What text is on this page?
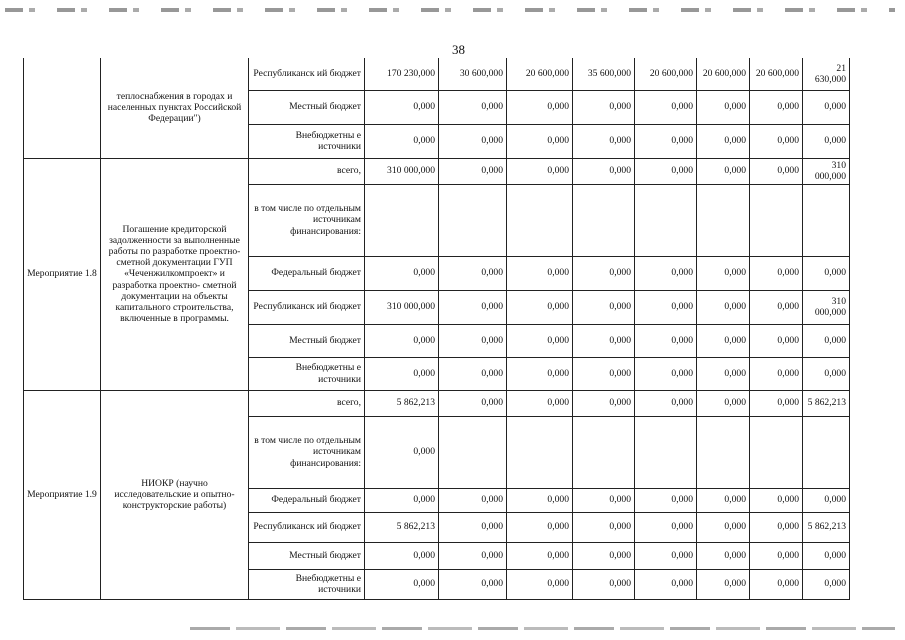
38
	теплоснабжения в городах и населенных пунктах Российской Федерации")	Республиканск ий бюджет	170 230,000	30 600,000	20 600,000	35 600,000	20 600,000	20 600,000	20 600,000	21 630,000
		Местный бюджет	0,000	0,000	0,000	0,000	0,000	0,000	0,000	0,000
		Внебюджетны е источники	0,000	0,000	0,000	0,000	0,000	0,000	0,000	0,000
Мероприятие 1.8	Погашение кредиторской задолженности за выполненные работы по разработке проектно- сметной документации ГУП «Чеченжилкомпроект» и разработка проектно- сметной документации на объекты капитального строительства, включенные в программы.	всего,	310 000,000	0,000	0,000	0,000	0,000	0,000	0,000	310 000,000
		в том числе по отдельным источникам финансирования:								
		Федеральный бюджет	0,000	0,000	0,000	0,000	0,000	0,000	0,000	0,000
		Республиканск ий бюджет	310 000,000	0,000	0,000	0,000	0,000	0,000	0,000	310 000,000
		Местный бюджет	0,000	0,000	0,000	0,000	0,000	0,000	0,000	0,000
		Внебюджетны е источники	0,000	0,000	0,000	0,000	0,000	0,000	0,000	0,000
Мероприятие 1.9	НИОКР (научно исследовательские и опытно-конструкторские работы)	всего,	5 862,213	0,000	0,000	0,000	0,000	0,000	0,000	5 862,213
		в том числе по отдельным источникам финансирования:	0,000							
		Федеральный бюджет	0,000	0,000	0,000	0,000	0,000	0,000	0,000	0,000
		Республиканск ий бюджет	5 862,213	0,000	0,000	0,000	0,000	0,000	0,000	5 862,213
		Местный бюджет	0,000	0,000	0,000	0,000	0,000	0,000	0,000	0,000
		Внебюджетны е источники	0,000	0,000	0,000	0,000	0,000	0,000	0,000	0,000
